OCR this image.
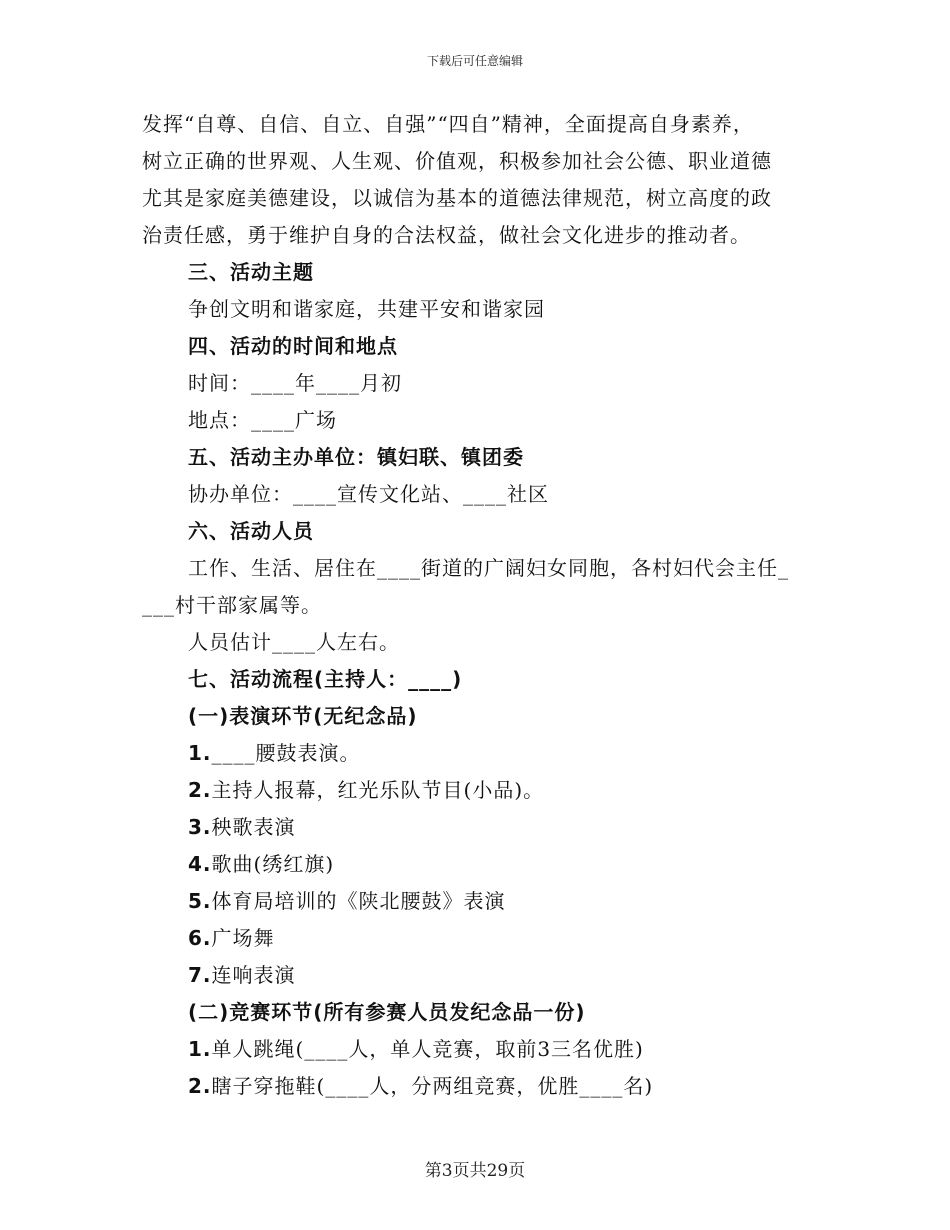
下载后可任意编辑
发挥“自尊、自信、自立、自强”“四自”精神，全面提高自身素养，
树立正确的世界观、人生观、价值观，积极参加社会公德、职业道德
尤其是家庭美德建设，以诚信为基本的道德法律规范，树立高度的政
治责任感，勇于维护自身的合法权益，做社会文化进步的推动者。
三、活动主题
争创文明和谐家庭，共建平安和谐家园
四、活动的时间和地点
时间：____年____月初
地点：____广场
五、活动主办单位：镇妇联、镇团委
协办单位：____宣传文化站、____社区
六、活动人员
工作、生活、居住在____街道的广阔妇女同胞，各村妇代会主任_
___村干部家属等。
人员估计____人左右。
七、活动流程(主持人：____)
(一)表演环节(无纪念品)
1.____腰鼓表演。
2.主持人报幕，红光乐队节目(小品)。
3.秧歌表演
4.歌曲(绣红旗)
5.体育局培训的《陕北腰鼓》表演
6.广场舞
7.连响表演
(二)竞赛环节(所有参赛人员发纪念品一份)
1.单人跳绳(____人，单人竞赛，取前3三名优胜)
2.瞎子穿拖鞋(____人，分两组竞赛，优胜____名)
第3页共29页
